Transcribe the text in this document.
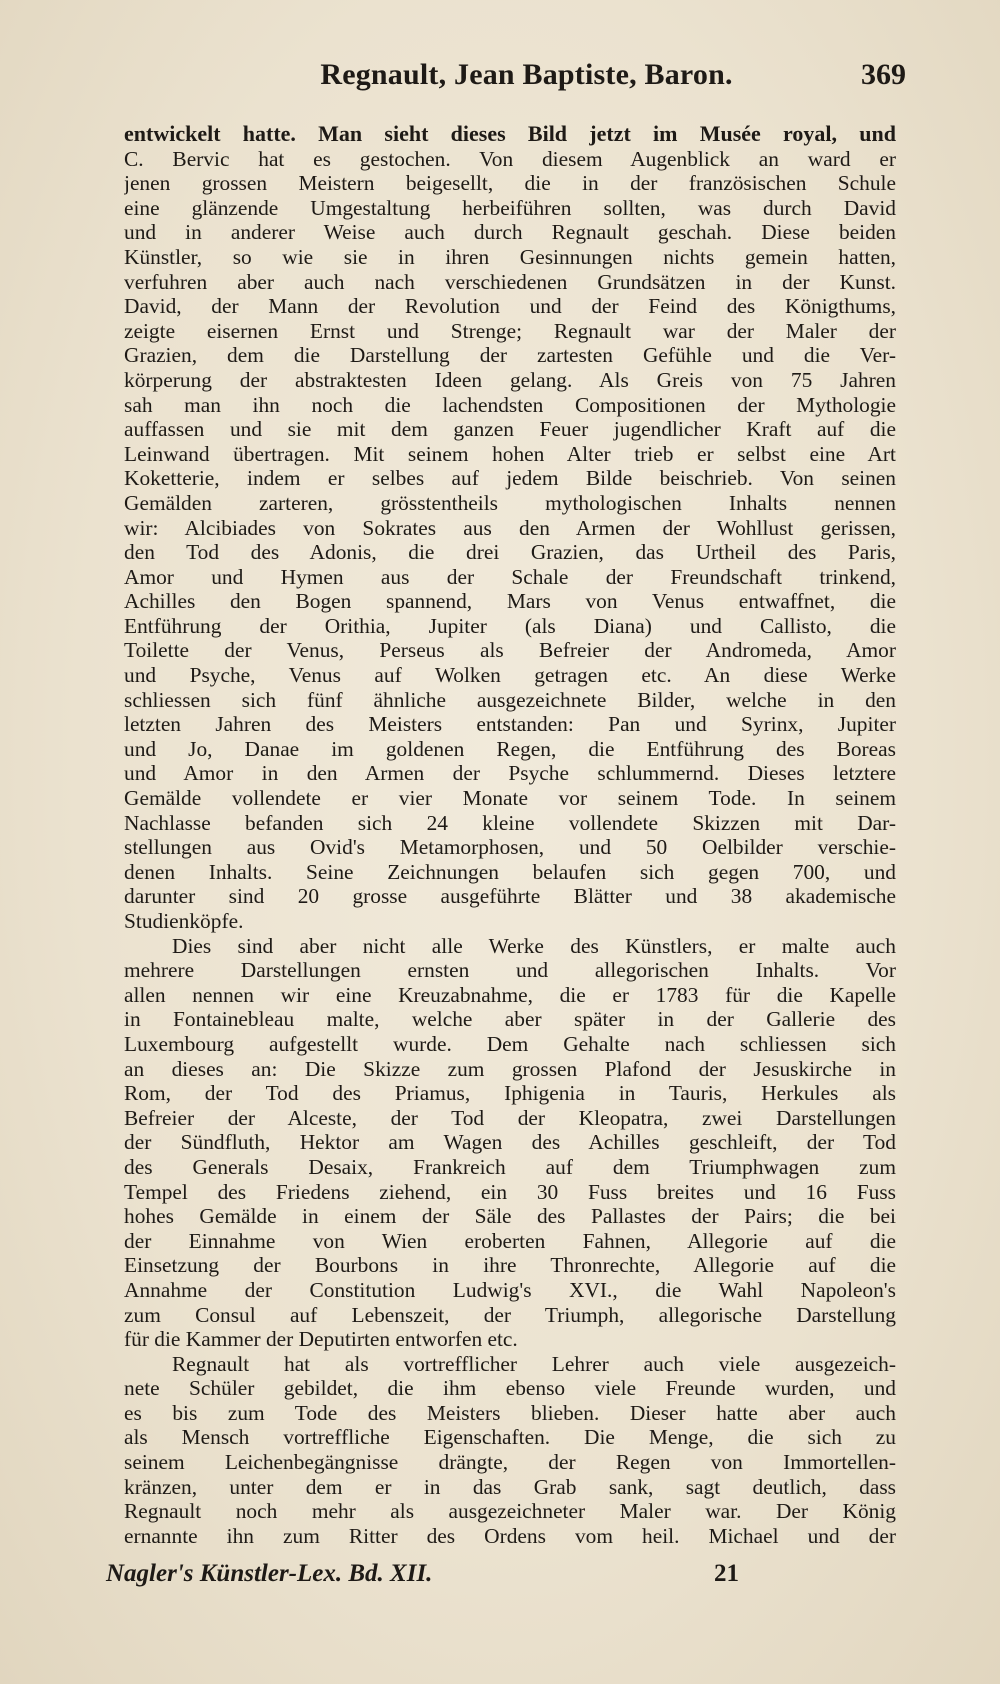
Regnault, Jean Baptiste, Baron.	369
entwickelt hatte. Man sieht dieses Bild jetzt im Musée royal, und
C. Bervic hat es gestochen. Von diesem Augenblick an ward er
jenen grossen Meistern beigesellt, die in der französischen Schule
eine glänzende Umgestaltung herbeiführen sollten, was durch David
und in anderer Weise auch durch Regnault geschah. Diese beiden
Künstler, so wie sie in ihren Gesinnungen nichts gemein hatten,
verfuhren aber auch nach verschiedenen Grundsätzen in der Kunst.
David, der Mann der Revolution und der Feind des Königthums,
zeigte eisernen Ernst und Strenge; Regnault war der Maler der
Grazien, dem die Darstellung der zartesten Gefühle und die Ver-
körperung der abstraktesten Ideen gelang. Als Greis von 75 Jahren
sah man ihn noch die lachendsten Compositionen der Mythologie
auffassen und sie mit dem ganzen Feuer jugendlicher Kraft auf die
Leinwand übertragen. Mit seinem hohen Alter trieb er selbst eine Art
Koketterie, indem er selbes auf jedem Bilde beischrieb. Von seinen
Gemälden zarteren, grösstentheils mythologischen Inhalts nennen
wir: Alcibiades von Sokrates aus den Armen der Wohllust gerissen,
den Tod des Adonis, die drei Grazien, das Urtheil des Paris,
Amor und Hymen aus der Schale der Freundschaft trinkend,
Achilles den Bogen spannend, Mars von Venus entwaffnet, die
Entführung der Orithia, Jupiter (als Diana) und Callisto, die
Toilette der Venus, Perseus als Befreier der Andromeda, Amor
und Psyche, Venus auf Wolken getragen etc. An diese Werke
schliessen sich fünf ähnliche ausgezeichnete Bilder, welche in den
letzten Jahren des Meisters entstanden: Pan und Syrinx, Jupiter
und Jo, Danae im goldenen Regen, die Entführung des Boreas
und Amor in den Armen der Psyche schlummernd. Dieses letztere
Gemälde vollendete er vier Monate vor seinem Tode. In seinem
Nachlasse befanden sich 24 kleine vollendete Skizzen mit Dar-
stellungen aus Ovid's Metamorphosen, und 50 Oelbilder verschie-
denen Inhalts. Seine Zeichnungen belaufen sich gegen 700, und
darunter sind 20 grosse ausgeführte Blätter und 38 akademische
Studienköpfe.
Dies sind aber nicht alle Werke des Künstlers, er malte auch
mehrere Darstellungen ernsten und allegorischen Inhalts. Vor
allen nennen wir eine Kreuzabnahme, die er 1783 für die Kapelle
in Fontainebleau malte, welche aber später in der Gallerie des
Luxembourg aufgestellt wurde. Dem Gehalte nach schliessen sich
an dieses an: Die Skizze zum grossen Plafond der Jesuskirche in
Rom, der Tod des Priamus, Iphigenia in Tauris, Herkules als
Befreier der Alceste, der Tod der Kleopatra, zwei Darstellungen
der Sündfluth, Hektor am Wagen des Achilles geschleift, der Tod
des Generals Desaix, Frankreich auf dem Triumphwagen zum
Tempel des Friedens ziehend, ein 30 Fuss breites und 16 Fuss
hohes Gemälde in einem der Säle des Pallastes der Pairs; die bei
der Einnahme von Wien eroberten Fahnen, Allegorie auf die
Einsetzung der Bourbons in ihre Thronrechte, Allegorie auf die
Annahme der Constitution Ludwig's XVI., die Wahl Napoleon's
zum Consul auf Lebenszeit, der Triumph, allegorische Darstellung
für die Kammer der Deputirten entworfen etc.
Regnault hat als vortrefflicher Lehrer auch viele ausgezeich-
nete Schüler gebildet, die ihm ebenso viele Freunde wurden, und
es bis zum Tode des Meisters blieben. Dieser hatte aber auch
als Mensch vortreffliche Eigenschaften. Die Menge, die sich zu
seinem Leichenbegängnisse drängte, der Regen von Immortellen-
kränzen, unter dem er in das Grab sank, sagt deutlich, dass
Regnault noch mehr als ausgezeichneter Maler war. Der König
ernannte ihn zum Ritter des Ordens vom heil. Michael und der
Nagler's Künstler-Lex. Bd. XII.	21
